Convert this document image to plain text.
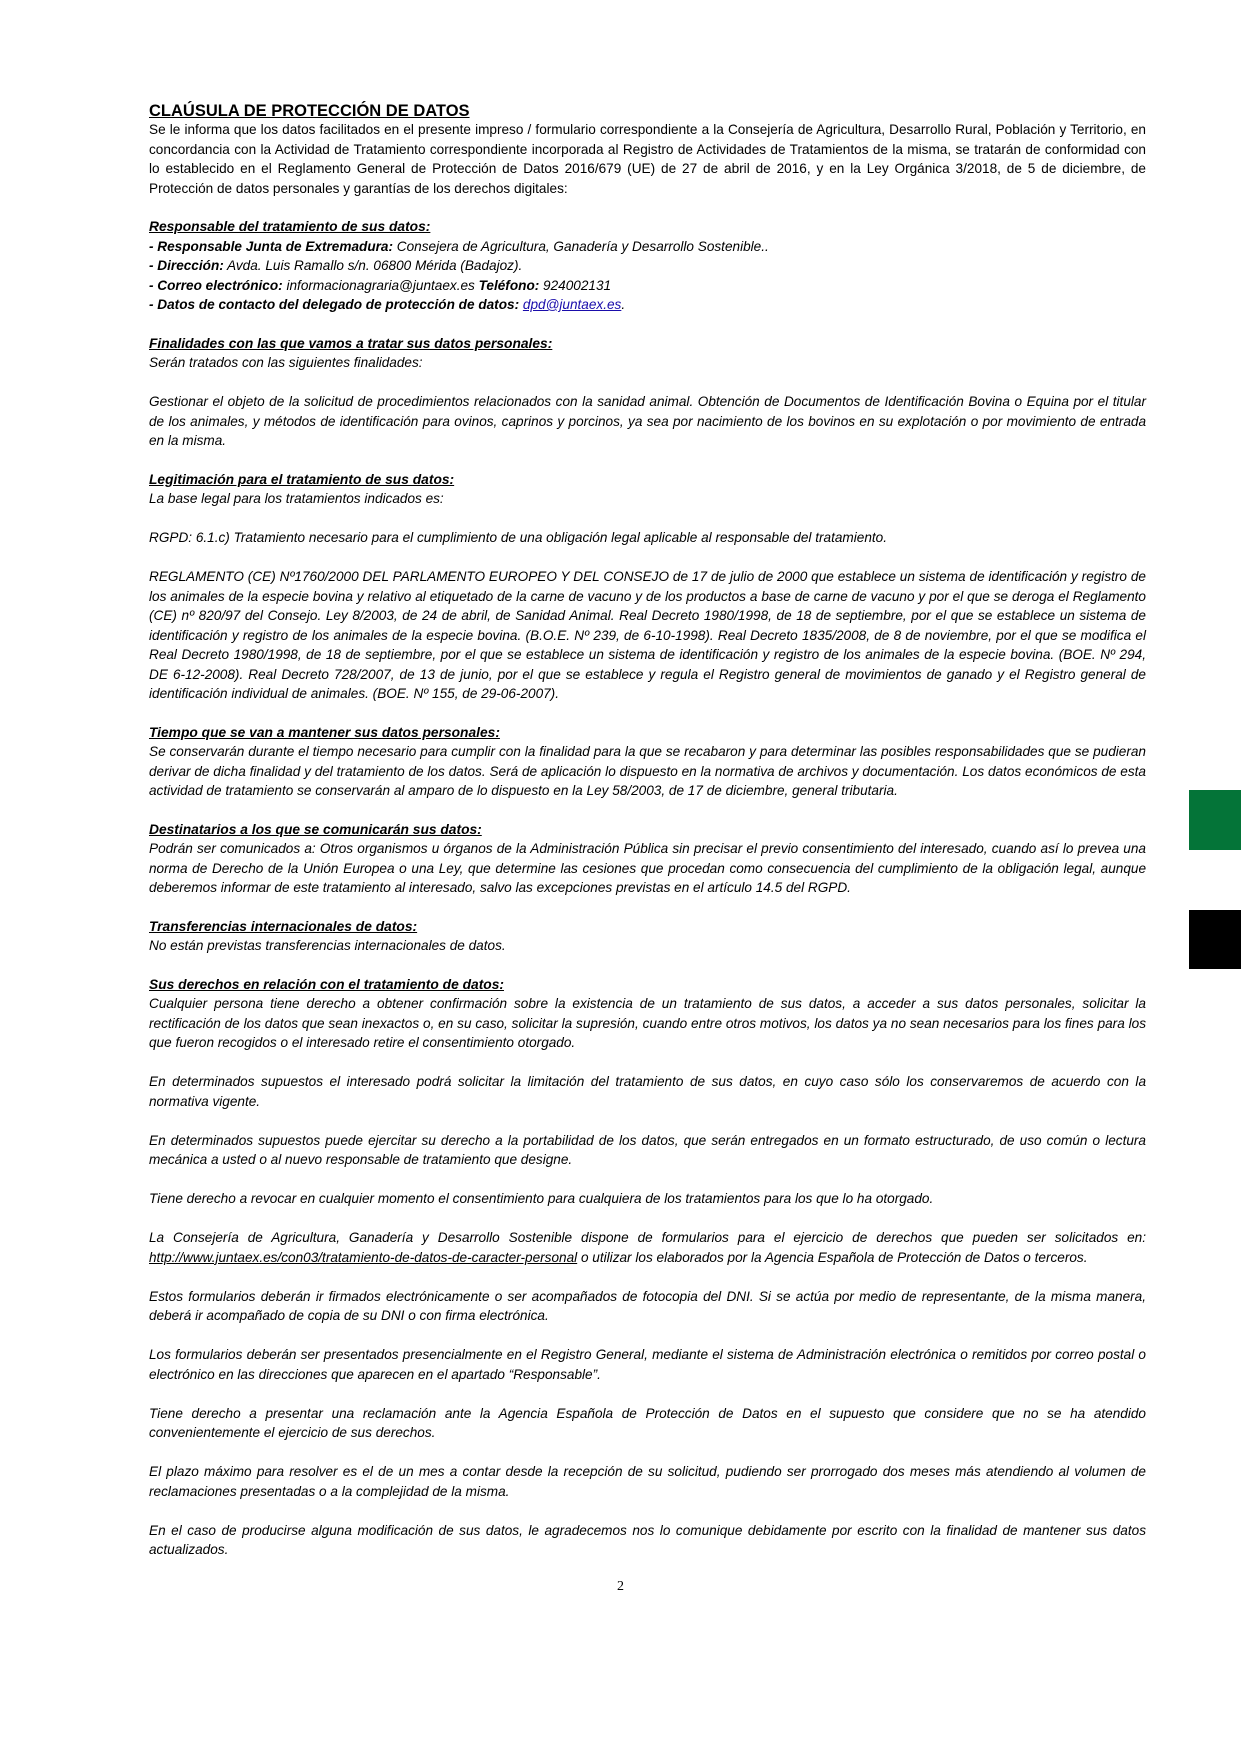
CLAÚSULA DE PROTECCIÓN DE DATOS

Se le informa que los datos facilitados en el presente impreso / formulario correspondiente a la Consejería de Agricultura, Desarrollo Rural, Población y Territorio, en concordancia con la Actividad de Tratamiento correspondiente incorporada al Registro de Actividades de Tratamientos de la misma, se tratarán de conformidad con lo establecido en el Reglamento General de Protección de Datos 2016/679 (UE) de 27 de abril de 2016, y en la Ley Orgánica 3/2018, de 5 de diciembre, de Protección de datos personales y garantías de los derechos digitales:

Responsable del tratamiento de sus datos:

- Responsable Junta de Extremadura: Consejera de Agricultura, Ganadería y Desarrollo Sostenible..

- Dirección: Avda. Luis Ramallo s/n. 06800 Mérida (Badajoz).

- Correo electrónico: informacionagraria@juntaex.es Teléfono: 924002131

- Datos de contacto del delegado de protección de datos: dpd@juntaex.es.

Finalidades con las que vamos a tratar sus datos personales:

Serán tratados con las siguientes finalidades:

Gestionar el objeto de la solicitud de procedimientos relacionados con la sanidad animal. Obtención de Documentos de Identificación Bovina o Equina por el titular de los animales, y métodos de identificación para ovinos, caprinos y porcinos, ya sea por nacimiento de los bovinos en su explotación o por movimiento de entrada en la misma.

Legitimación para el tratamiento de sus datos:

La base legal para los tratamientos indicados es:

RGPD: 6.1.c) Tratamiento necesario para el cumplimiento de una obligación legal aplicable al responsable del tratamiento.

REGLAMENTO (CE) Nº1760/2000 DEL PARLAMENTO EUROPEO Y DEL CONSEJO de 17 de julio de 2000 que establece un sistema de identificación y registro de los animales de la especie bovina y relativo al etiquetado de la carne de vacuno y de los productos a base de carne de vacuno y por el que se deroga el Reglamento (CE) nº 820/97 del Consejo. Ley 8/2003, de 24 de abril, de Sanidad Animal. Real Decreto 1980/1998, de 18 de septiembre, por el que se establece un sistema de identificación y registro de los animales de la especie bovina. (B.O.E. Nº 239, de 6-10-1998). Real Decreto 1835/2008, de 8 de noviembre, por el que se modifica el Real Decreto 1980/1998, de 18 de septiembre, por el que se establece un sistema de identificación y registro de los animales de la especie bovina. (BOE. Nº 294, DE 6-12-2008). Real Decreto 728/2007, de 13 de junio, por el que se establece y regula el Registro general de movimientos de ganado y el Registro general de identificación individual de animales. (BOE. Nº 155, de 29-06-2007).

Tiempo que se van a mantener sus datos personales:

Se conservarán durante el tiempo necesario para cumplir con la finalidad para la que se recabaron y para determinar las posibles responsabilidades que se pudieran derivar de dicha finalidad y del tratamiento de los datos. Será de aplicación lo dispuesto en la normativa de archivos y documentación. Los datos económicos de esta actividad de tratamiento se conservarán al amparo de lo dispuesto en la Ley 58/2003, de 17 de diciembre, general tributaria.

Destinatarios a los que se comunicarán sus datos:

Podrán ser comunicados a: Otros organismos u órganos de la Administración Pública sin precisar el previo consentimiento del interesado, cuando así lo prevea una norma de Derecho de la Unión Europea o una Ley, que determine las cesiones que procedan como consecuencia del cumplimiento de la obligación legal, aunque deberemos informar de este tratamiento al interesado, salvo las excepciones previstas en el artículo 14.5 del RGPD.

Transferencias internacionales de datos:

No están previstas transferencias internacionales de datos.

Sus derechos en relación con el tratamiento de datos:

Cualquier persona tiene derecho a obtener confirmación sobre la existencia de un tratamiento de sus datos, a acceder a sus datos personales, solicitar la rectificación de los datos que sean inexactos o, en su caso, solicitar la supresión, cuando entre otros motivos, los datos ya no sean necesarios para los fines para los que fueron recogidos o el interesado retire el consentimiento otorgado.

En determinados supuestos el interesado podrá solicitar la limitación del tratamiento de sus datos, en cuyo caso sólo los conservaremos de acuerdo con la normativa vigente.

En determinados supuestos puede ejercitar su derecho a la portabilidad de los datos, que serán entregados en un formato estructurado, de uso común o lectura mecánica a usted o al nuevo responsable de tratamiento que designe.

Tiene derecho a revocar en cualquier momento el consentimiento para cualquiera de los tratamientos para los que lo ha otorgado.

La Consejería de Agricultura, Ganadería y Desarrollo Sostenible dispone de formularios para el ejercicio de derechos que pueden ser solicitados en: http://www.juntaex.es/con03/tratamiento-de-datos-de-caracter-personal o utilizar los elaborados por la Agencia Española de Protección de Datos o terceros.

Estos formularios deberán ir firmados electrónicamente o ser acompañados de fotocopia del DNI. Si se actúa por medio de representante, de la misma manera, deberá ir acompañado de copia de su DNI o con firma electrónica.

Los formularios deberán ser presentados presencialmente en el Registro General, mediante el sistema de Administración electrónica o remitidos por correo postal o electrónico en las direcciones que aparecen en el apartado “Responsable”.

Tiene derecho a presentar una reclamación ante la Agencia Española de Protección de Datos en el supuesto que considere que no se ha atendido convenientemente el ejercicio de sus derechos.

El plazo máximo para resolver es el de un mes a contar desde la recepción de su solicitud, pudiendo ser prorrogado dos meses más atendiendo al volumen de reclamaciones presentadas o a la complejidad de la misma.

En el caso de producirse alguna modificación de sus datos, le agradecemos nos lo comunique debidamente por escrito con la finalidad de mantener sus datos actualizados.

2
